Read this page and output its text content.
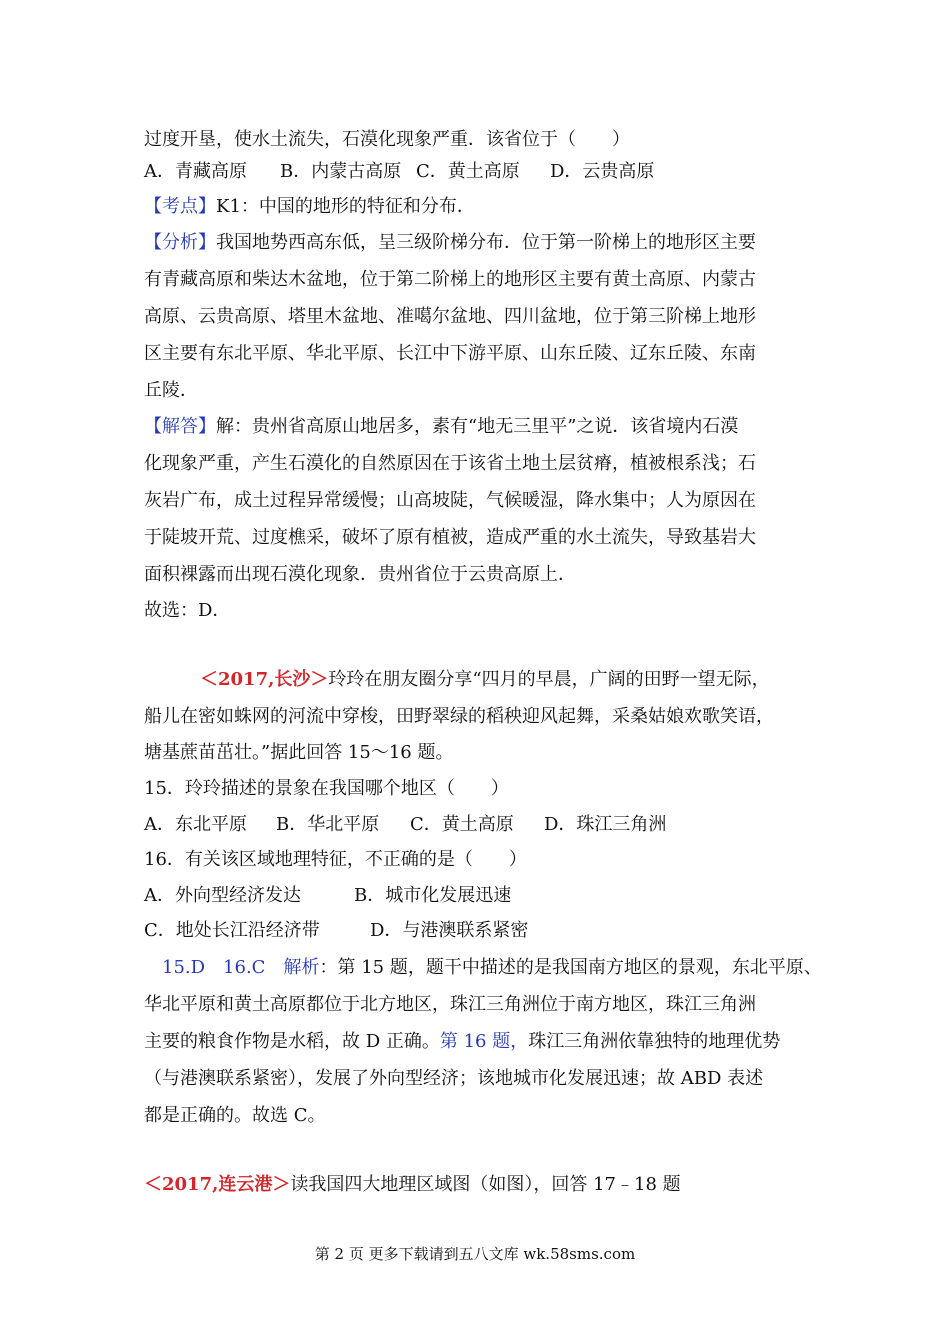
过度开垦，使水土流失，石漠化现象严重．该省位于（　　）
A．青藏高原 B．内蒙古高原 C．黄土高原 D．云贵高原
【考点】K1：中国的地形的特征和分布．
【分析】我国地势西高东低，呈三级阶梯分布．位于第一阶梯上的地形区主要
有青藏高原和柴达木盆地，位于第二阶梯上的地形区主要有黄土高原、内蒙古
高原、云贵高原、塔里木盆地、准噶尔盆地、四川盆地，位于第三阶梯上地形
区主要有东北平原、华北平原、长江中下游平原、山东丘陵、辽东丘陵、东南
丘陵．
【解答】解：贵州省高原山地居多，素有“地无三里平”之说．该省境内石漠
化现象严重，产生石漠化的自然原因在于该省土地土层贫瘠，植被根系浅；石
灰岩广布，成土过程异常缓慢；山高坡陡，气候暖湿，降水集中；人为原因在
于陡坡开荒、过度樵采，破坏了原有植被，造成严重的水土流失，导致基岩大
面积裸露而出现石漠化现象．贵州省位于云贵高原上．
故选：D．
＜2017,长沙＞玲玲在朋友圈分享“四月的早晨，广阔的田野一望无际，
船儿在密如蛛网的河流中穿梭，田野翠绿的稻秧迎风起舞，采桑姑娘欢歌笑语，
塘基蔗苗茁壮。”据此回答 15～16 题。
15．玲玲描述的景象在我国哪个地区（　　）
A．东北平原 B．华北平原 C．黄土高原 D．珠江三角洲
16．有关该区域地理特征，不正确的是（　　）
A．外向型经济发达	B．城市化发展迅速
C．地处长江沿经济带	D．与港澳联系紧密
15.D　16.C　解析：第 15 题，题干中描述的是我国南方地区的景观，东北平原、
华北平原和黄土高原都位于北方地区，珠江三角洲位于南方地区，珠江三角洲
主要的粮食作物是水稻，故 D 正确。第 16 题，珠江三角洲依靠独特的地理优势
（与港澳联系紧密），发展了外向型经济；该地城市化发展迅速；故 ABD 表述
都是正确的。故选 C。
＜2017,连云港＞读我国四大地理区域图（如图），回答 17﹣18 题
第 2 页 更多下载请到五八文库 wk.58sms.com
